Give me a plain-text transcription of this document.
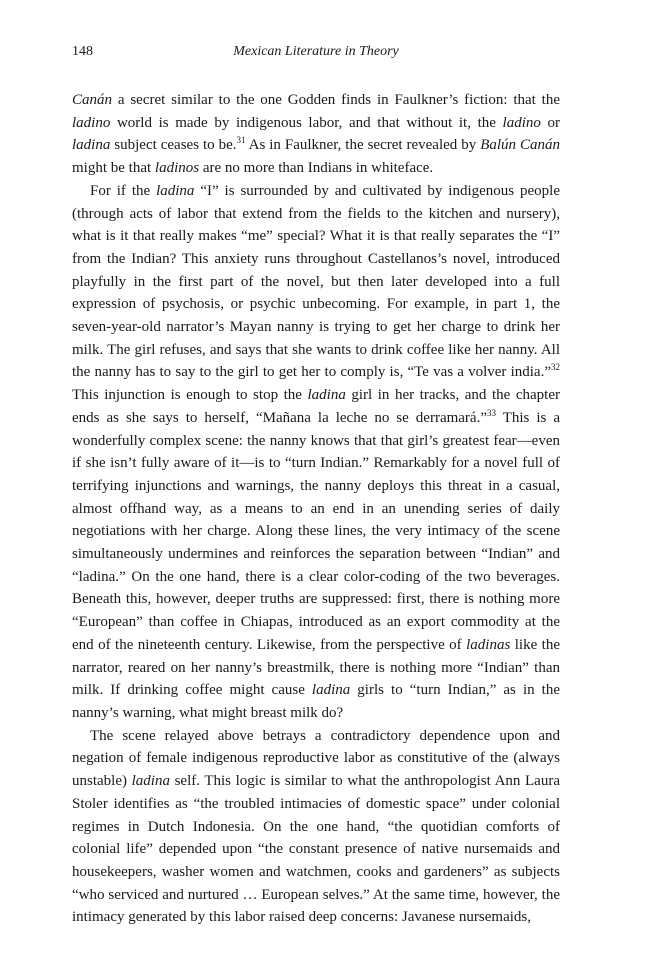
148	Mexican Literature in Theory

Canán a secret similar to the one Godden finds in Faulkner’s fiction: that the ladino world is made by indigenous labor, and that without it, the ladino or ladina subject ceases to be.$^{31}$ As in Faulkner, the secret revealed by Balún Canán might be that ladinos are no more than Indians in whiteface.

For if the ladina “I” is surrounded by and cultivated by indigenous people (through acts of labor that extend from the fields to the kitchen and nursery), what is it that really makes “me” special? What it is that really separates the “I” from the Indian? This anxiety runs throughout Castellanos’s novel, introduced playfully in the first part of the novel, but then later developed into a full expression of psychosis, or psychic unbecoming. For example, in part 1, the seven-year-old narrator’s Mayan nanny is trying to get her charge to drink her milk. The girl refuses, and says that she wants to drink coffee like her nanny. All the nanny has to say to the girl to get her to comply is, “Te vas a volver india.”$^{32}$ This injunction is enough to stop the ladina girl in her tracks, and the chapter ends as she says to herself, “Mañana la leche no se derramará.”$^{33}$ This is a wonderfully complex scene: the nanny knows that that girl’s greatest fear—even if she isn’t fully aware of it—is to “turn Indian.” Remarkably for a novel full of terrifying injunctions and warnings, the nanny deploys this threat in a casual, almost offhand way, as a means to an end in an unending series of daily negotiations with her charge. Along these lines, the very intimacy of the scene simultaneously undermines and reinforces the separation between “Indian” and “ladina.” On the one hand, there is a clear color-coding of the two beverages. Beneath this, however, deeper truths are suppressed: first, there is nothing more “European” than coffee in Chiapas, introduced as an export commodity at the end of the nineteenth century. Likewise, from the perspective of ladinas like the narrator, reared on her nanny’s breastmilk, there is nothing more “Indian” than milk. If drinking coffee might cause ladina girls to “turn Indian,” as in the nanny’s warning, what might breast milk do?

The scene relayed above betrays a contradictory dependence upon and negation of female indigenous reproductive labor as constitutive of the (always unstable) ladina self. This logic is similar to what the anthropologist Ann Laura Stoler identifies as “the troubled intimacies of domestic space” under colonial regimes in Dutch Indonesia. On the one hand, “the quotidian comforts of colonial life” depended upon “the constant presence of native nursemaids and housekeepers, washer women and watchmen, cooks and gardeners” as subjects “who serviced and nurtured … European selves.” At the same time, however, the intimacy generated by this labor raised deep concerns: Javanese nursemaids,
